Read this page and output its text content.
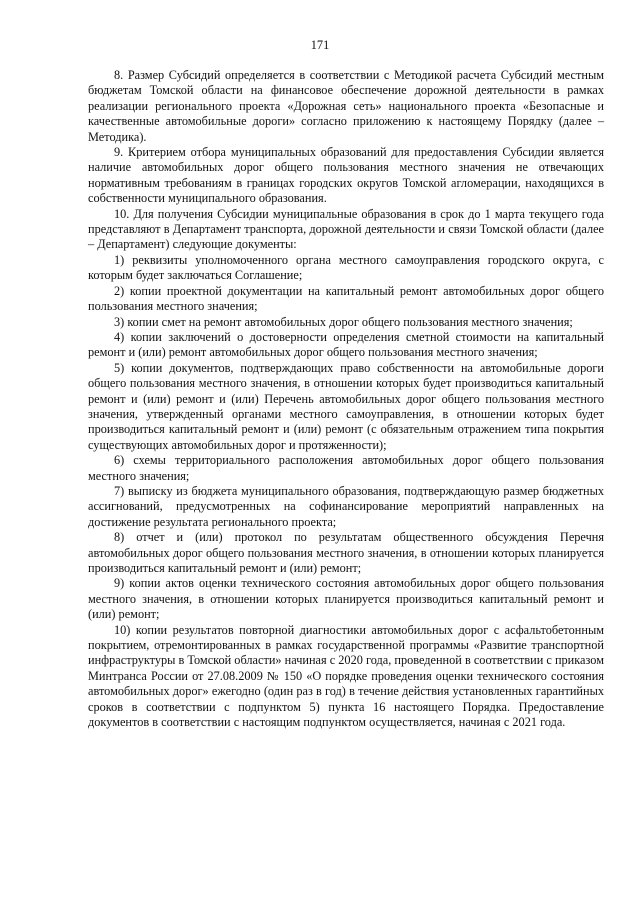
171

8. Размер Субсидий определяется в соответствии с Методикой расчета Субсидий местным бюджетам Томской области на финансовое обеспечение дорожной деятельности в рамках реализации регионального проекта «Дорожная сеть» национального проекта «Безопасные и качественные автомобильные дороги» согласно приложению к настоящему Порядку (далее – Методика).

9. Критерием отбора муниципальных образований для предоставления Субсидии является наличие автомобильных дорог общего пользования местного значения не отвечающих нормативным требованиям в границах городских округов Томской агломерации, находящихся в собственности муниципального образования.

10. Для получения Субсидии муниципальные образования в срок до 1 марта текущего года представляют в Департамент транспорта, дорожной деятельности и связи Томской области (далее – Департамент) следующие документы:

1) реквизиты уполномоченного органа местного самоуправления городского округа, с которым будет заключаться Соглашение;

2) копии проектной документации на капитальный ремонт автомобильных дорог общего пользования местного значения;

3) копии смет на ремонт автомобильных дорог общего пользования местного значения;

4) копии заключений о достоверности определения сметной стоимости на капитальный ремонт и (или) ремонт автомобильных дорог общего пользования местного значения;

5) копии документов, подтверждающих право собственности на автомобильные дороги общего пользования местного значения, в отношении которых будет производиться капитальный ремонт и (или) ремонт и (или) Перечень автомобильных дорог общего пользования местного значения, утвержденный органами местного самоуправления, в отношении которых будет производиться капитальный ремонт и (или) ремонт (с обязательным отражением типа покрытия существующих автомобильных дорог и протяженности);

6) схемы территориального расположения автомобильных дорог общего пользования местного значения;

7) выписку из бюджета муниципального образования, подтверждающую размер бюджетных ассигнований, предусмотренных на софинансирование мероприятий направленных на достижение результата регионального проекта;

8) отчет и (или) протокол по результатам общественного обсуждения Перечня автомобильных дорог общего пользования местного значения, в отношении которых планируется производиться капитальный ремонт и (или) ремонт;

9) копии актов оценки технического состояния автомобильных дорог общего пользования местного значения, в отношении которых планируется производиться капитальный ремонт и (или) ремонт;

10) копии результатов повторной диагностики автомобильных дорог с асфальтобетонным покрытием, отремонтированных в рамках государственной программы «Развитие транспортной инфраструктуры в Томской области» начиная с 2020 года, проведенной в соответствии с приказом Минтранса России от 27.08.2009 № 150 «О порядке проведения оценки технического состояния автомобильных дорог» ежегодно (один раз в год) в течение действия установленных гарантийных сроков в соответствии с подпунктом 5) пункта 16 настоящего Порядка. Предоставление документов в соответствии с настоящим подпунктом осуществляется, начиная с 2021 года.
